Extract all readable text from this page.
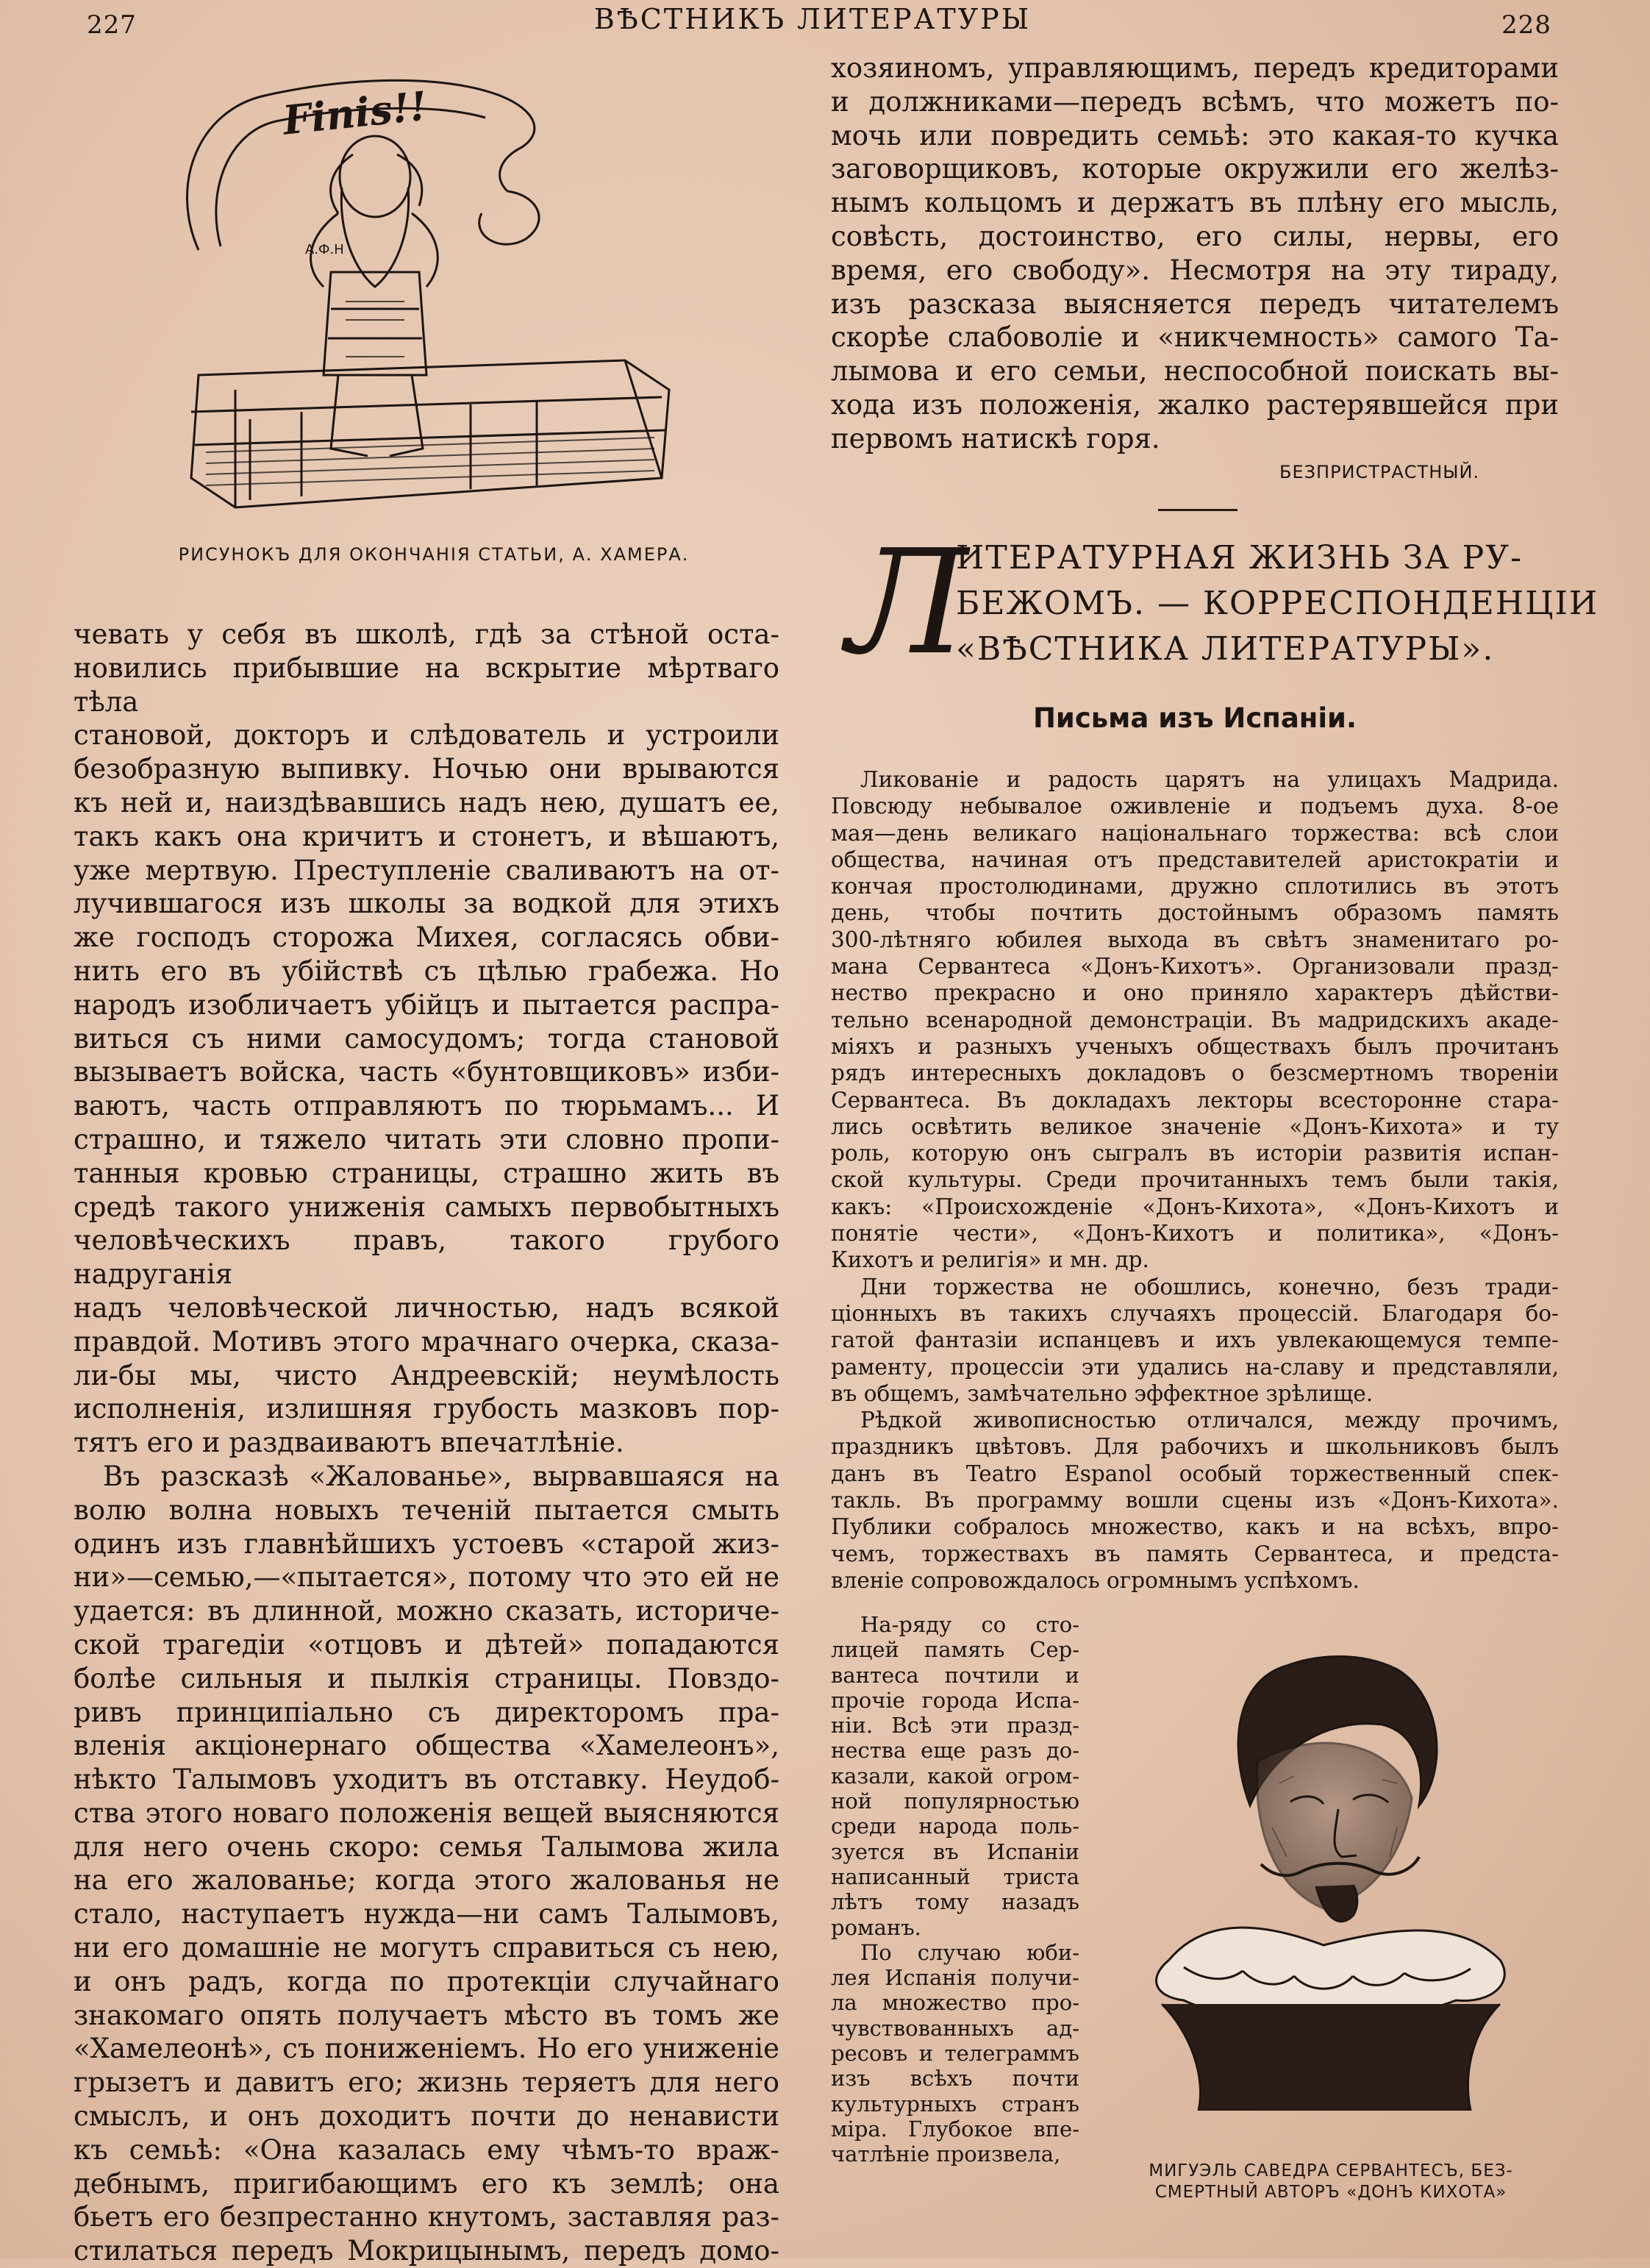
227	ВѢСТНИКЪ ЛИТЕРАТУРЫ	228
Finis!!
А.Ф.Н
РИСУНОКЪ ДЛЯ ОКОНЧАНІЯ СТАТЬИ, А. ХАМЕРА.

чевать у себя въ школѣ, гдѣ за стѣной оста-

новились прибывшие на вскрытие мѣртваго тѣла

становой, докторъ и слѣдователь и устроили

безобразную выпивку. Ночью они врываются

къ ней и, наиздѣвавшись надъ нею, душатъ ее,

такъ какъ она кричитъ и стонетъ, и вѣшаютъ,

уже мертвую. Преступленіе сваливаютъ на от-

лучившагося изъ школы за водкой для этихъ

же господъ сторожа Михея, согласясь обви-

нить его въ убійствѣ съ цѣлью грабежа. Но

народъ изобличаетъ убійцъ и пытается распра-

виться съ ними самосудомъ; тогда становой

вызываетъ войска, часть «бунтовщиковъ» изби-

ваютъ, часть отправляютъ по тюрьмамъ... И

страшно, и тяжело читать эти словно пропи-

танныя кровью страницы, страшно жить въ

средѣ такого униженія самыхъ первобытныхъ

человѣческихъ правъ, такого грубого надруганія

надъ человѣческой личностью, надъ всякой

правдой. Мотивъ этого мрачнаго очерка, сказа-

ли-бы мы, чисто Андреевскій; неумѣлость

исполненія, излишняя грубость мазковъ пор-

тятъ его и раздваиваютъ впечатлѣніе.

Въ разсказѣ «Жалованье», вырвавшаяся на

волю волна новыхъ теченій пытается смыть

одинъ изъ главнѣйшихъ устоевъ «старой жиз-

ни»—семью,—«пытается», потому что это ей не

удается: въ длинной, можно сказать, историче-

ской трагедіи «отцовъ и дѣтей» попадаются

болѣе сильныя и пылкія страницы. Повздо-

ривъ принципіально съ директоромъ пра-

вленія акціонернаго общества «Хамелеонъ»,

нѣкто Талымовъ уходитъ въ отставку. Неудоб-

ства этого новаго положенія вещей выясняются

для него очень скоро: семья Талымова жила

на его жалованье; когда этого жалованья не

стало, наступаетъ нужда—ни самъ Талымовъ,

ни его домашніе не могутъ справиться съ нею,

и онъ радъ, когда по протекціи случайнаго

знакомаго опять получаетъ мѣсто въ томъ же

«Хамелеонѣ», съ пониженіемъ. Но его униженіе

грызетъ и давитъ его; жизнь теряетъ для него

смыслъ, и онъ доходитъ почти до ненависти

къ семьѣ: «Она казалась ему чѣмъ-то враж-

дебнымъ, пригибающимъ его къ землѣ; она

бьетъ его безпрестанно кнутомъ, заставляя раз-

стилаться передъ Мокрицынымъ, передъ домо-

хозяиномъ, управляющимъ, передъ кредиторами

и должниками—передъ всѣмъ, что можетъ по-

мочь или повредить семьѣ: это какая-то кучка

заговорщиковъ, которые окружили его желѣз-

нымъ кольцомъ и держатъ въ плѣну его мысль,

совѣсть, достоинство, его силы, нервы, его

время, его свободу». Несмотря на эту тираду,

изъ разсказа выясняется передъ читателемъ

скорѣе слабоволіе и «никчемность» самого Та-

лымова и его семьи, неспособной поискать вы-

хода изъ положенія, жалко растерявшейся при

первомъ натискѣ горя.

БЕЗПРИСТРАСТНЫЙ.
Л

ИТЕРАТУРНАЯ ЖИЗНЬ ЗА РУ-

БЕЖОМЪ. — КОРРЕСПОНДЕНЦІИ

«ВѢСТНИКА ЛИТЕРАТУРЫ».

Письма изъ Испаніи.

Ликованіе и радость царятъ на улицахъ Мадрида.

Повсюду небывалое оживленіе и подъемъ духа. 8-ое

мая—день великаго національнаго торжества: всѣ слои

общества, начиная отъ представителей аристократіи и

кончая простолюдинами, дружно сплотились въ этотъ

день, чтобы почтить достойнымъ образомъ память

300-лѣтняго юбилея выхода въ свѣтъ знаменитаго ро-

мана Сервантеса «Донъ-Кихотъ». Организовали празд-

нество прекрасно и оно приняло характеръ дѣйстви-

тельно всенародной демонстраціи. Въ мадридскихъ акаде-

міяхъ и разныхъ ученыхъ обществахъ былъ прочитанъ

рядъ интересныхъ докладовъ о безсмертномъ твореніи

Сервантеса. Въ докладахъ лекторы всесторонне стара-

лись освѣтить великое значеніе «Донъ-Кихота» и ту

роль, которую онъ сыгралъ въ исторіи развитія испан-

ской культуры. Среди прочитанныхъ темъ были такія,

какъ: «Происхожденіе «Донъ-Кихота», «Донъ-Кихотъ и

понятіе чести», «Донъ-Кихотъ и политика», «Донъ-

Кихотъ и религія» и мн. др.

Дни торжества не обошлись, конечно, безъ тради-

ціонныхъ въ такихъ случаяхъ процессій. Благодаря бо-

гатой фантазіи испанцевъ и ихъ увлекающемуся темпе-

раменту, процессіи эти удались на-славу и представляли,

въ общемъ, замѣчательно эффектное зрѣлище.

Рѣдкой живописностью отличался, между прочимъ,

праздникъ цвѣтовъ. Для рабочихъ и школьниковъ былъ

данъ въ Teatro Espanol особый торжественный спек-

такль. Въ программу вошли сцены изъ «Донъ-Кихота».

Публики собралось множество, какъ и на всѣхъ, впро-

чемъ, торжествахъ въ память Сервантеса, и предста-

вленіе сопровождалось огромнымъ успѣхомъ.

На-ряду со сто-

лицей память Сер-

вантеса почтили и

прочіе города Испа-

ніи. Всѣ эти празд-

нества еще разъ до-

казали, какой огром-

ной популярностью

среди народа поль-

зуется въ Испаніи

написанный триста

лѣтъ тому назадъ

романъ.

По случаю юби-

лея Испанія получи-

ла множество про-

чувствованныхъ ад-

ресовъ и телеграммъ

изъ всѣхъ почти

культурныхъ странъ

міра. Глубокое впе-

чатлѣніе произвела,

МИГУЭЛЬ САВЕДРА СЕРВАНТЕСЪ, БЕЗ-
СМЕРТНЫЙ АВТОРЪ «ДОНЪ КИХОТА»
